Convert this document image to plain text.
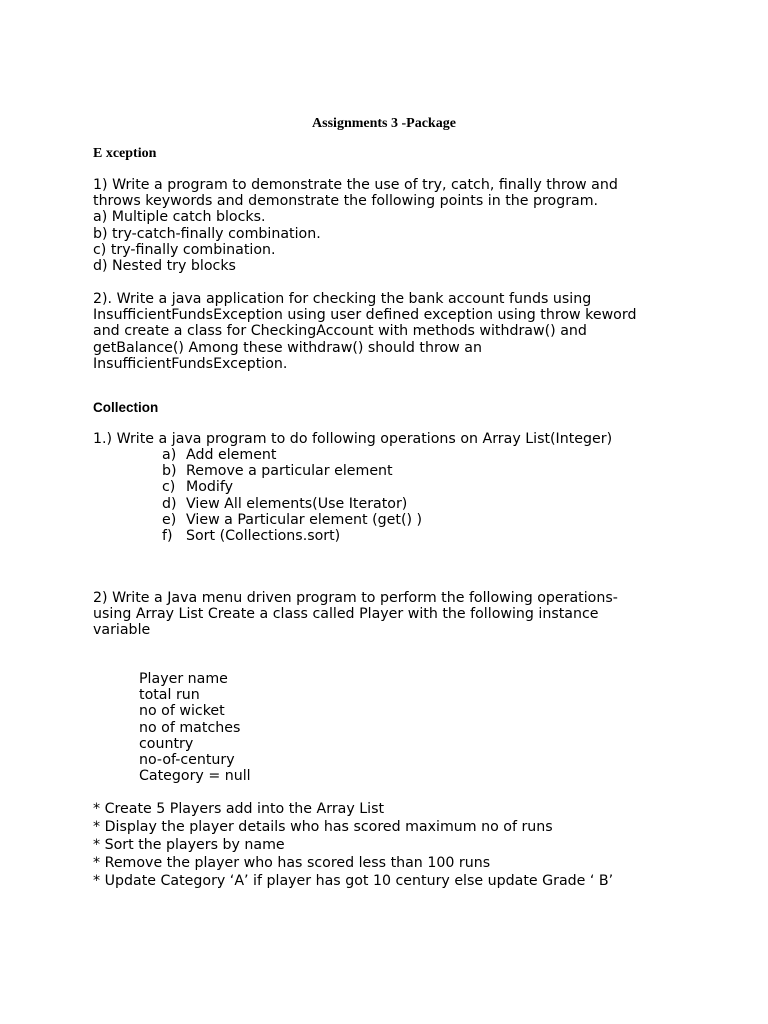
Assignments 3 -Package
E xception
1) Write a program to demonstrate the use of try, catch, finally throw and
throws keywords and demonstrate the following points in the program.
a) Multiple catch blocks.
b) try-catch-finally combination.
c) try-finally combination.
d) Nested try blocks
2). Write a java application for checking the bank account funds using
InsufficientFundsException using user defined exception using throw keword
and create a class for CheckingAccount with methods withdraw() and
getBalance() Among these withdraw() should throw an
InsufficientFundsException.
Collection
1.) Write a java program to do following operations on Array List(Integer)
a) Add element
b) Remove a particular element
c) Modify
d) View All elements(Use Iterator)
e) View a Particular element (get() )
f) Sort (Collections.sort)
2) Write a Java menu driven program to perform the following operations-
using Array List Create a class called Player with the following instance
variable
Player name
total run
no of wicket
no of matches
country
no-of-century
Category = null
* Create 5 Players add into the Array List
* Display the player details who has scored maximum no of runs
* Sort the players by name
* Remove the player who has scored less than 100 runs
* Update Category ‘A’ if player has got 10 century else update Grade ‘ B’
